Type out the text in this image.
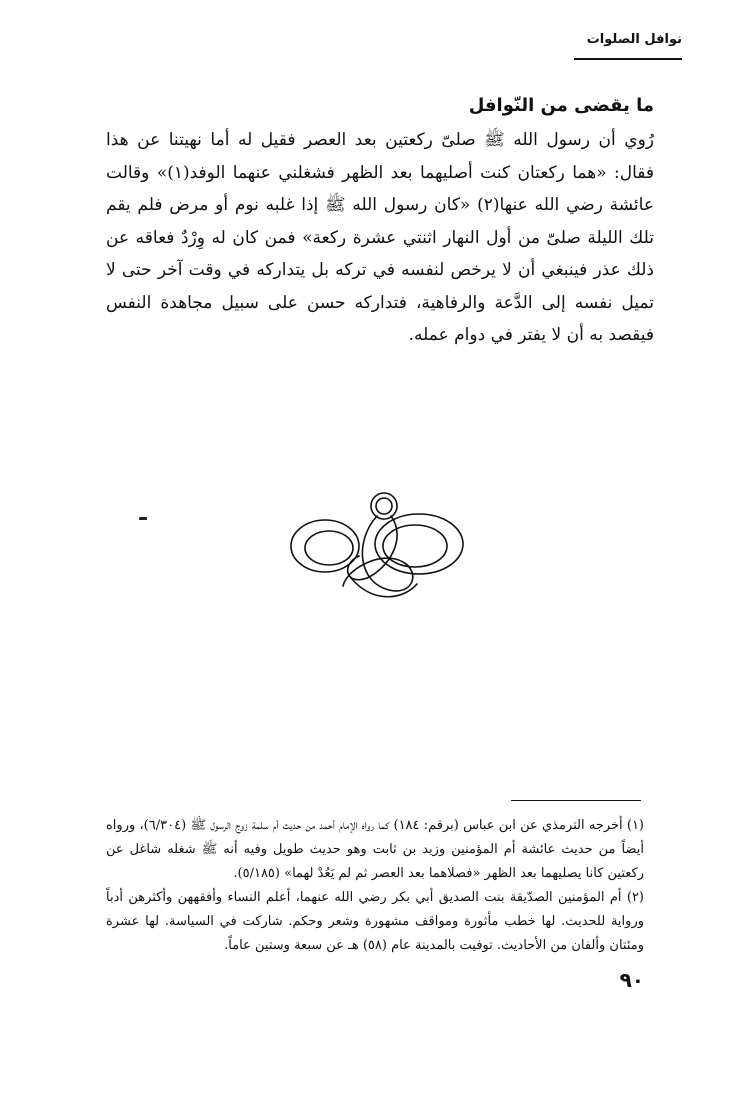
نوافل الصلوات
ما يقضى من النّوافل

رُوي أن رسول الله ﷺ صلىّ ركعتين بعد العصر فقيل له أما نهيتنا عن هذا فقال: «هما ركعتان كنت أصليهما بعد الظهر فشغلني عنهما الوفد(١)» وقالت عائشة رضي الله عنها(٢) «كان رسول الله ﷺ إذا غلبه نوم أو مرض فلم يقم تلك الليلة صلىّ من أول النهار اثنتي عشرة ركعة» فمن كان له وِرْدٌ فعاقه عن ذلك عذر فينبغي أن لا يرخص لنفسه في تركه بل يتداركه في وقت آخر حتى لا تميل نفسه إلى الدَّعة والرفاهية، فتداركه حسن على سبيل مجاهدة النفس فيقصد به أن لا يفتر في دوام عمله.

(١) أخرجه الترمذي عن ابن عباس (برقم: ١٨٤) كما رواه الإمام أحمد من حديث أم سلمة زوج الرسول ﷺ (٦/٣٠٤)، ورواه أيضاً من حديث عائشة أم المؤمنين وزيد بن ثابت وهو حديث طويل وفيه أنه ﷺ شغله شاغل عن ركعتين كانا يصليهما بعد الظهر «فصلاهما بعد العصر ثم لم يَعُدْ لهما» (٥/١٨٥).

(٢) أم المؤمنين الصدّيقة بنت الصديق أبي بكر رضي الله عنهما، أعلم النساء وأفقههن وأكثرهن أدباً ورواية للحديث. لها خطب مأثورة ومواقف مشهورة وشعر وحكم. شاركت في السياسة. لها عشرة ومئتان وألفان من الأحاديث. توفيت بالمدينة عام (٥٨) هـ عن سبعة وستين عاماً.

٩٠
